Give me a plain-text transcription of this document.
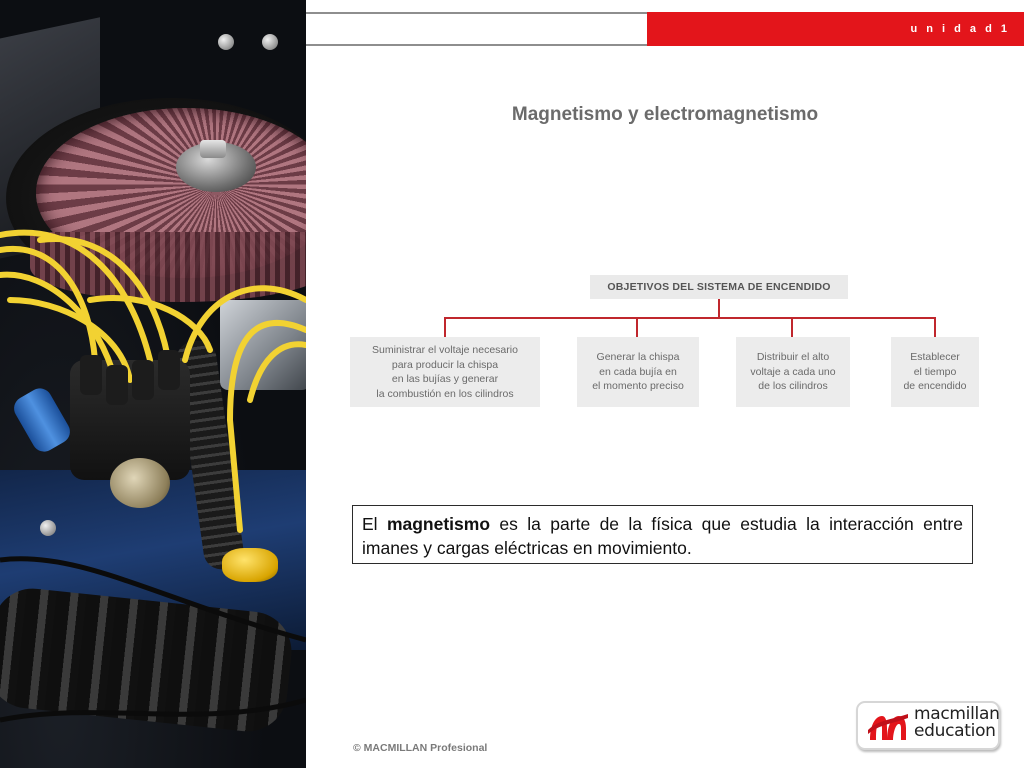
u n i d a d 1
Magnetismo y electromagnetismo
OBJETIVOS DEL SISTEMA DE ENCENDIDO
Suministrar el voltaje necesario
para producir la chispa
en las bujías y generar
la combustión en los cilindros
Generar la chispa
en cada bujía en
el momento preciso
Distribuir el alto
voltaje a cada uno
de los cilindros
Establecer
el tiempo
de encendido
El magnetismo es la parte de la física que estudia la interacción entre imanes y cargas eléctricas en movimiento.
© MACMILLAN Profesional
macmillan
education
